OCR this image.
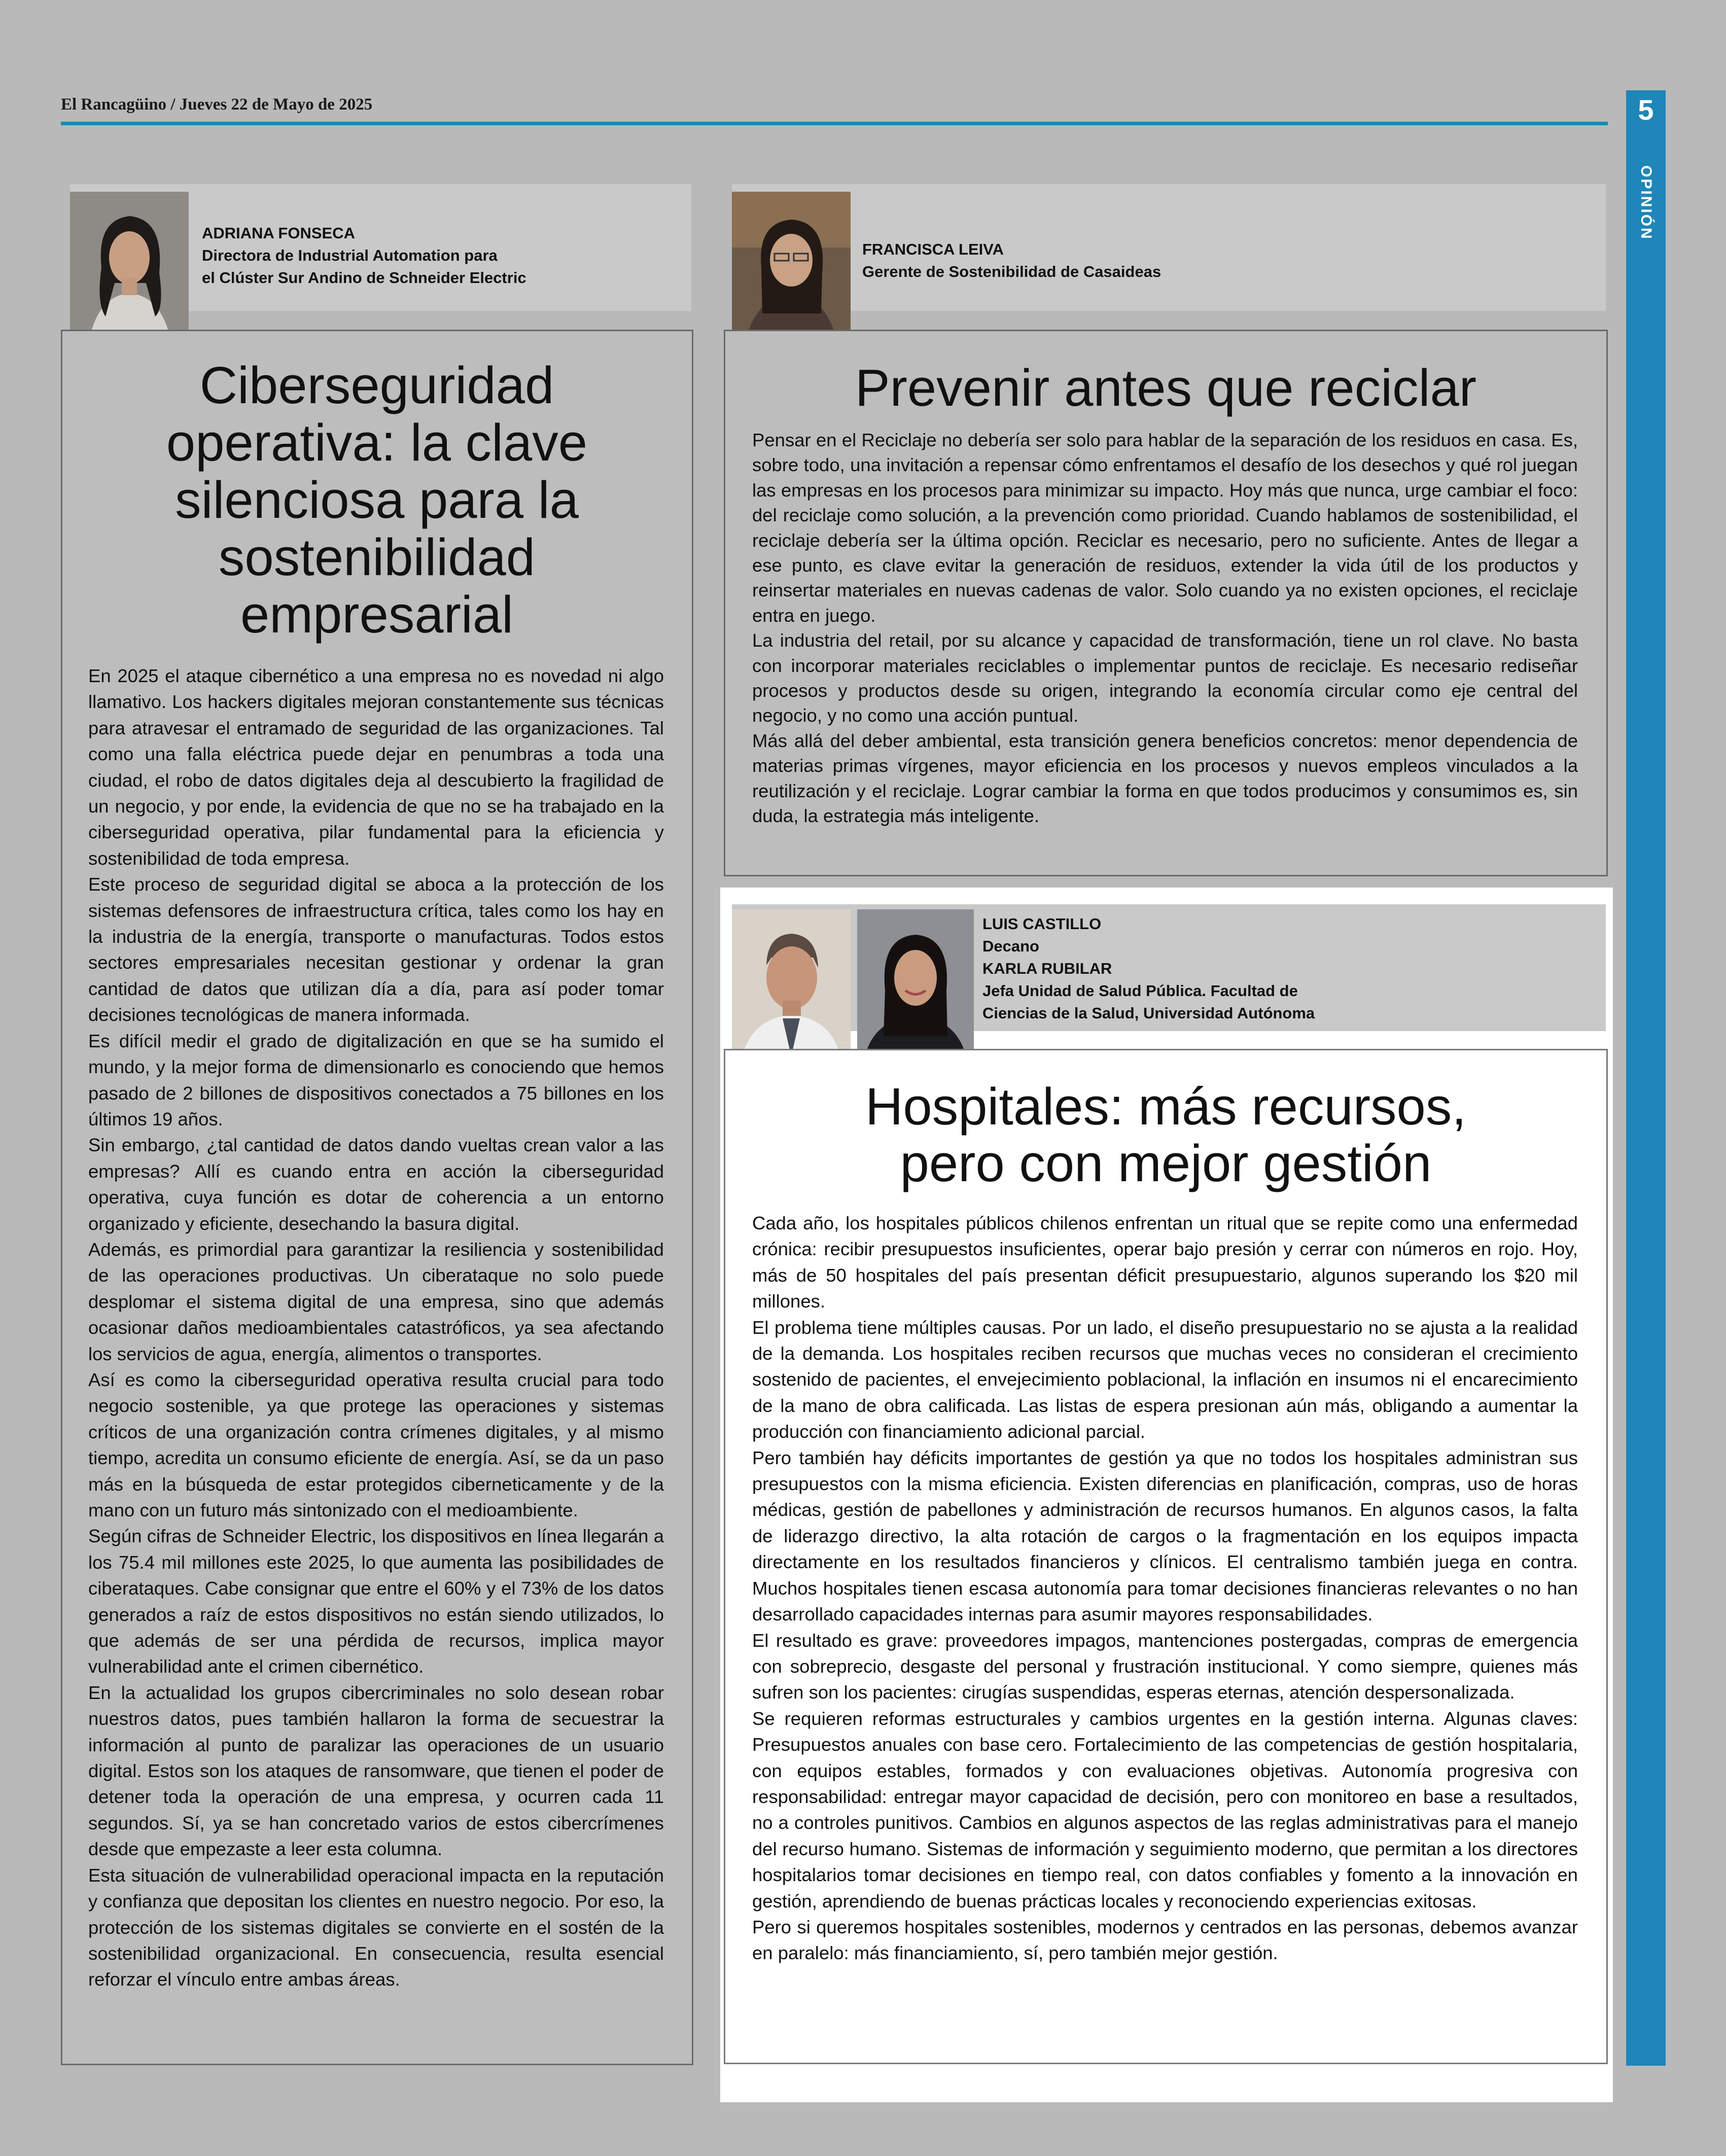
El Rancagüino / Jueves 22 de Mayo de 2025	5
OPINIÓN
ADRIANA FONSECA
Directora de Industrial Automation para
el Clúster Sur Andino de Schneider Electric
Ciberseguridad operativa: la clave silenciosa para la sostenibilidad empresarial

En 2025 el ataque cibernético a una empresa no es novedad ni algo llamativo. Los hackers digitales mejoran constantemente sus técnicas para atravesar el entramado de seguridad de las organizaciones. Tal como una falla eléctrica puede dejar en penumbras a toda una ciudad, el robo de datos digitales deja al descubierto la fragilidad de un negocio, y por ende, la evidencia de que no se ha trabajado en la ciberseguridad operativa, pilar fundamental para la eficiencia y sostenibilidad de toda empresa.

Este proceso de seguridad digital se aboca a la protección de los sistemas defensores de infraestructura crítica, tales como los hay en la industria de la energía, transporte o manufacturas. Todos estos sectores empresariales necesitan gestionar y ordenar la gran cantidad de datos que utilizan día a día, para así poder tomar decisiones tecnológicas de manera informada.

Es difícil medir el grado de digitalización en que se ha sumido el mundo, y la mejor forma de dimensionarlo es conociendo que hemos pasado de 2 billones de dispositivos conectados a 75 billones en los últimos 19 años.

Sin embargo, ¿tal cantidad de datos dando vueltas crean valor a las empresas? Allí es cuando entra en acción la ciberseguridad operativa, cuya función es dotar de coherencia a un entorno organizado y eficiente, desechando la basura digital.

Además, es primordial para garantizar la resiliencia y sostenibilidad de las operaciones productivas. Un ciberataque no solo puede desplomar el sistema digital de una empresa, sino que además ocasionar daños medioambientales catastróficos, ya sea afectando los servicios de agua, energía, alimentos o transportes.

Así es como la ciberseguridad operativa resulta crucial para todo negocio sostenible, ya que protege las operaciones y sistemas críticos de una organización contra crímenes digitales, y al mismo tiempo, acredita un consumo eficiente de energía. Así, se da un paso más en la búsqueda de estar protegidos ciberneticamente y de la mano con un futuro más sintonizado con el medioambiente.

Según cifras de Schneider Electric, los dispositivos en línea llegarán a los 75.4 mil millones este 2025, lo que aumenta las posibilidades de ciberataques. Cabe consignar que entre el 60% y el 73% de los datos generados a raíz de estos dispositivos no están siendo utilizados, lo que además de ser una pérdida de recursos, implica mayor vulnerabilidad ante el crimen cibernético.

En la actualidad los grupos cibercriminales no solo desean robar nuestros datos, pues también hallaron la forma de secuestrar la información al punto de paralizar las operaciones de un usuario digital. Estos son los ataques de ransomware, que tienen el poder de detener toda la operación de una empresa, y ocurren cada 11 segundos. Sí, ya se han concretado varios de estos cibercrímenes desde que empezaste a leer esta columna.

Esta situación de vulnerabilidad operacional impacta en la reputación y confianza que depositan los clientes en nuestro negocio. Por eso, la protección de los sistemas digitales se convierte en el sostén de la sostenibilidad organizacional. En consecuencia, resulta esencial reforzar el vínculo entre ambas áreas.

FRANCISCA LEIVA
Gerente de Sostenibilidad de Casaideas
Prevenir antes que reciclar

Pensar en el Reciclaje no debería ser solo para hablar de la separación de los residuos en casa. Es, sobre todo, una invitación a repensar cómo enfrentamos el desafío de los desechos y qué rol juegan las empresas en los procesos para minimizar su impacto. Hoy más que nunca, urge cambiar el foco: del reciclaje como solución, a la prevención como prioridad. Cuando hablamos de sostenibilidad, el reciclaje debería ser la última opción. Reciclar es necesario, pero no suficiente. Antes de llegar a ese punto, es clave evitar la generación de residuos, extender la vida útil de los productos y reinsertar materiales en nuevas cadenas de valor. Solo cuando ya no existen opciones, el reciclaje entra en juego.

La industria del retail, por su alcance y capacidad de transformación, tiene un rol clave. No basta con incorporar materiales reciclables o implementar puntos de reciclaje. Es necesario rediseñar procesos y productos desde su origen, integrando la economía circular como eje central del negocio, y no como una acción puntual.

Más allá del deber ambiental, esta transición genera beneficios concretos: menor dependencia de materias primas vírgenes, mayor eficiencia en los procesos y nuevos empleos vinculados a la reutilización y el reciclaje. Lograr cambiar la forma en que todos producimos y consumimos es, sin duda, la estrategia más inteligente.

LUIS CASTILLO
Decano
KARLA RUBILAR
Jefa Unidad de Salud Pública. Facultad de
Ciencias de la Salud, Universidad Autónoma
Hospitales: más recursos,
pero con mejor gestión

Cada año, los hospitales públicos chilenos enfrentan un ritual que se repite como una enfermedad crónica: recibir presupuestos insuficientes, operar bajo presión y cerrar con números en rojo. Hoy, más de 50 hospitales del país presentan déficit presupuestario, algunos superando los $20 mil millones.

El problema tiene múltiples causas. Por un lado, el diseño presupuestario no se ajusta a la realidad de la demanda. Los hospitales reciben recursos que muchas veces no consideran el crecimiento sostenido de pacientes, el envejecimiento poblacional, la inflación en insumos ni el encarecimiento de la mano de obra calificada. Las listas de espera presionan aún más, obligando a aumentar la producción con financiamiento adicional parcial.

Pero también hay déficits importantes de gestión ya que no todos los hospitales administran sus presupuestos con la misma eficiencia. Existen diferencias en planificación, compras, uso de horas médicas, gestión de pabellones y administración de recursos humanos. En algunos casos, la falta de liderazgo directivo, la alta rotación de cargos o la fragmentación en los equipos impacta directamente en los resultados financieros y clínicos. El centralismo también juega en contra. Muchos hospitales tienen escasa autonomía para tomar decisiones financieras relevantes o no han desarrollado capacidades internas para asumir mayores responsabilidades.

El resultado es grave: proveedores impagos, mantenciones postergadas, compras de emergencia con sobreprecio, desgaste del personal y frustración institucional. Y como siempre, quienes más sufren son los pacientes: cirugías suspendidas, esperas eternas, atención despersonalizada.

Se requieren reformas estructurales y cambios urgentes en la gestión interna. Algunas claves: Presupuestos anuales con base cero. Fortalecimiento de las competencias de gestión hospitalaria, con equipos estables, formados y con evaluaciones objetivas. Autonomía progresiva con responsabilidad: entregar mayor capacidad de decisión, pero con monitoreo en base a resultados, no a controles punitivos. Cambios en algunos aspectos de las reglas administrativas para el manejo del recurso humano. Sistemas de información y seguimiento moderno, que permitan a los directores hospitalarios tomar decisiones en tiempo real, con datos confiables y fomento a la innovación en gestión, aprendiendo de buenas prácticas locales y reconociendo experiencias exitosas.

Pero si queremos hospitales sostenibles, modernos y centrados en las personas, debemos avanzar en paralelo: más financiamiento, sí, pero también mejor gestión.
